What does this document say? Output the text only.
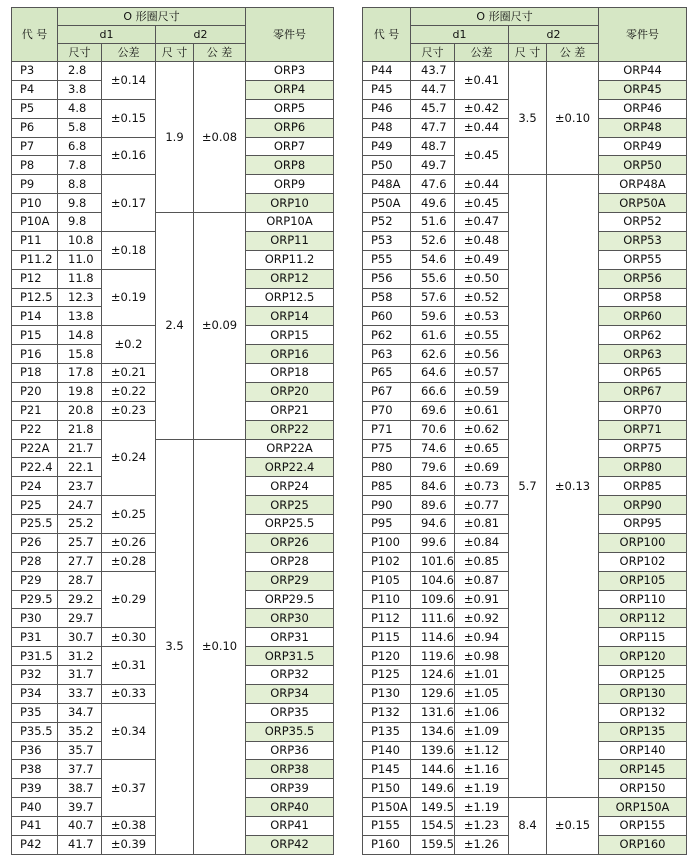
代 号	O 形圈尺寸				零件号
	d1		d2		
	尺寸	公差	尺 寸	公 差	
P3	2.8	±0.14	1.9	±0.08	ORP3
P4	3.8				ORP4
P5	4.8	±0.15			ORP5
P6	5.8				ORP6
P7	6.8	±0.16			ORP7
P8	7.8				ORP8
P9	8.8	±0.17			ORP9
P10	9.8				ORP10
P10A	9.8		2.4	±0.09	ORP10A
P11	10.8	±0.18			ORP11
P11.2	11.0				ORP11.2
P12	11.8	±0.19			ORP12
P12.5	12.3				ORP12.5
P14	13.8				ORP14
P15	14.8	±0.2			ORP15
P16	15.8				ORP16
P18	17.8	±0.21			ORP18
P20	19.8	±0.22			ORP20
P21	20.8	±0.23			ORP21
P22	21.8	±0.24			ORP22
P22A	21.7		3.5	±0.10	ORP22A
P22.4	22.1				ORP22.4
P24	23.7				ORP24
P25	24.7	±0.25			ORP25
P25.5	25.2				ORP25.5
P26	25.7	±0.26			ORP26
P28	27.7	±0.28			ORP28
P29	28.7	±0.29			ORP29
P29.5	29.2				ORP29.5
P30	29.7				ORP30
P31	30.7	±0.30			ORP31
P31.5	31.2	±0.31			ORP31.5
P32	31.7				ORP32
P34	33.7	±0.33			ORP34
P35	34.7	±0.34			ORP35
P35.5	35.2				ORP35.5
P36	35.7				ORP36
P38	37.7	±0.37			ORP38
P39	38.7				ORP39
P40	39.7				ORP40
P41	40.7	±0.38			ORP41
P42	41.7	±0.39			ORP42
代 号	O 形圈尺寸				零件号
	d1		d2		
	尺寸	公差	尺 寸	公 差	
P44	43.7	±0.41	3.5	±0.10	ORP44
P45	44.7				ORP45
P46	45.7	±0.42			ORP46
P48	47.7	±0.44			ORP48
P49	48.7	±0.45			ORP49
P50	49.7				ORP50
P48A	47.6	±0.44	5.7	±0.13	ORP48A
P50A	49.6	±0.45			ORP50A
P52	51.6	±0.47			ORP52
P53	52.6	±0.48			ORP53
P55	54.6	±0.49			ORP55
P56	55.6	±0.50			ORP56
P58	57.6	±0.52			ORP58
P60	59.6	±0.53			ORP60
P62	61.6	±0.55			ORP62
P63	62.6	±0.56			ORP63
P65	64.6	±0.57			ORP65
P67	66.6	±0.59			ORP67
P70	69.6	±0.61			ORP70
P71	70.6	±0.62			ORP71
P75	74.6	±0.65			ORP75
P80	79.6	±0.69			ORP80
P85	84.6	±0.73			ORP85
P90	89.6	±0.77			ORP90
P95	94.6	±0.81			ORP95
P100	99.6	±0.84			ORP100
P102	101.6	±0.85			ORP102
P105	104.6	±0.87			ORP105
P110	109.6	±0.91			ORP110
P112	111.6	±0.92			ORP112
P115	114.6	±0.94			ORP115
P120	119.6	±0.98			ORP120
P125	124.6	±1.01			ORP125
P130	129.6	±1.05			ORP130
P132	131.6	±1.06			ORP132
P135	134.6	±1.09			ORP135
P140	139.6	±1.12			ORP140
P145	144.6	±1.16			ORP145
P150	149.6	±1.19			ORP150
P150A	149.5	±1.19	8.4	±0.15	ORP150A
P155	154.5	±1.23			ORP155
P160	159.5	±1.26			ORP160
